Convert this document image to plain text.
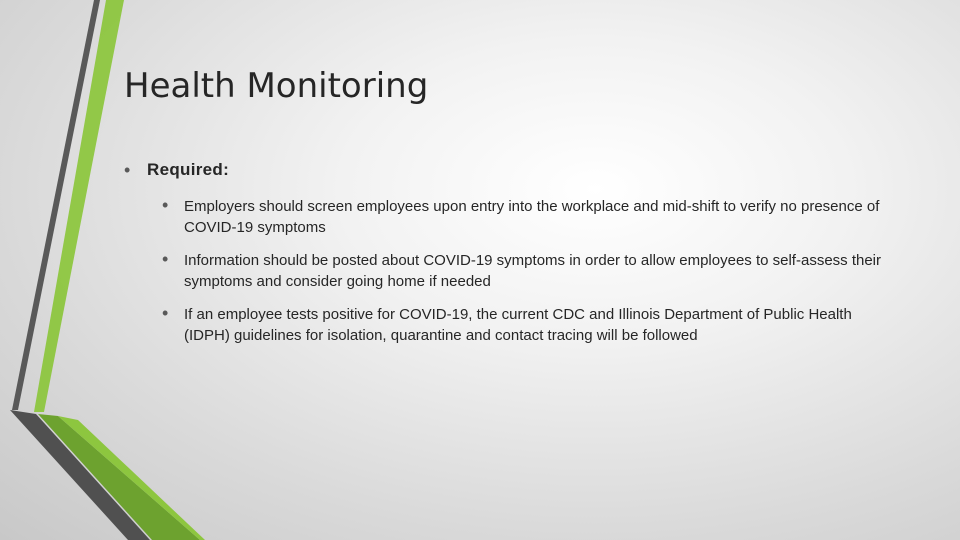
Health Monitoring
• Required:
• Employers should screen employees upon entry into the workplace and mid-shift to verify no presence of COVID-19 symptoms
• Information should be posted about COVID-19 symptoms in order to allow employees to self-assess their symptoms and consider going home if needed
• If an employee tests positive for COVID-19, the current CDC and Illinois Department of Public Health (IDPH) guidelines for isolation, quarantine and contact tracing will be followed
